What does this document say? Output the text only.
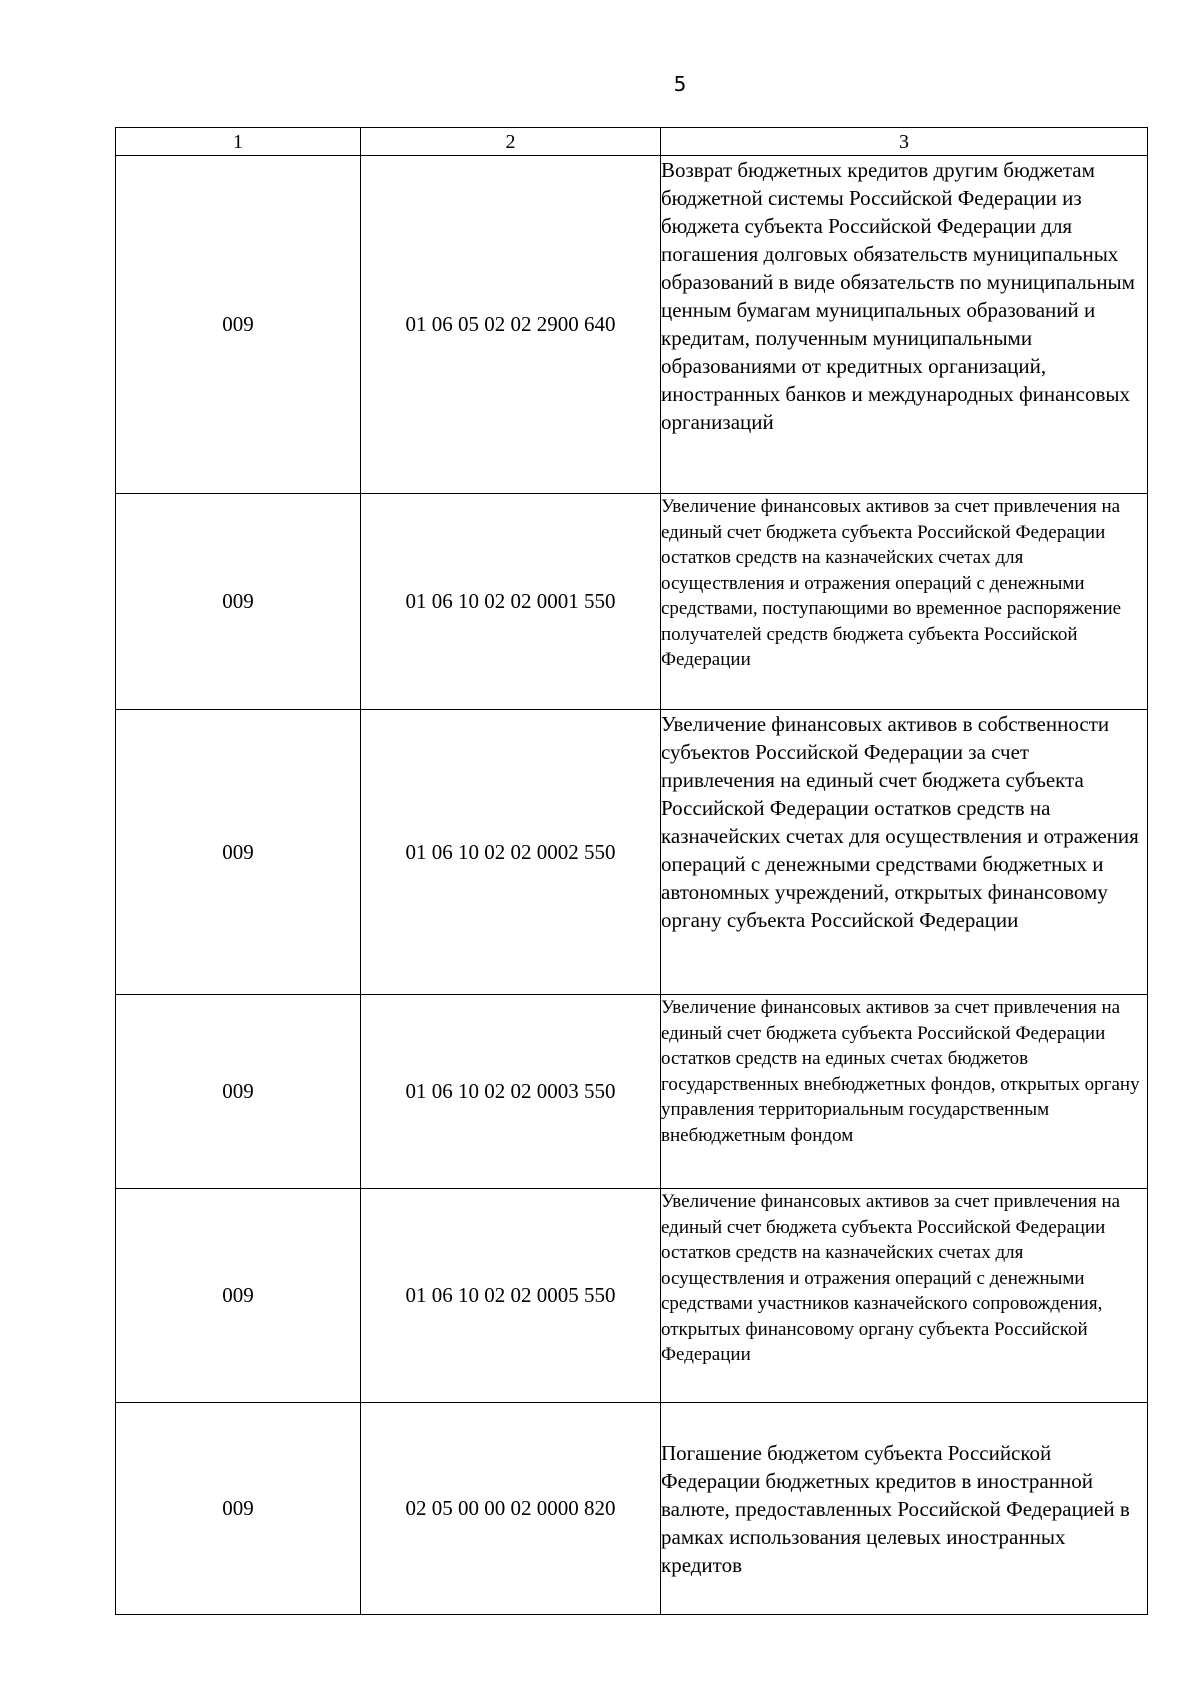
5
1	2	3
009	01 06 05 02 02 2900 640	Возврат бюджетных кредитов другим бюджетам бюджетной системы Российской Федерации из бюджета субъекта Российской Федерации для погашения долговых обязательств муниципальных образований в виде обязательств по муниципальным ценным бумагам муниципальных образований и кредитам, полученным муниципальными образованиями от кредитных организаций, иностранных банков и международных финансовых организаций
009	01 06 10 02 02 0001 550	Увеличение финансовых активов за счет привлечения на единый счет бюджета субъекта Российской Федерации остатков средств на казначейских счетах для осуществления и отражения операций с денежными средствами, поступающими во временное распоряжение получателей средств бюджета субъекта Российской Федерации
009	01 06 10 02 02 0002 550	Увеличение финансовых активов в собственности субъектов Российской Федерации за счет привлечения на единый счет бюджета субъекта Российской Федерации остатков средств на казначейских счетах для осуществления и отражения операций с денежными средствами бюджетных и автономных учреждений, открытых финансовому органу субъекта Российской Федерации
009	01 06 10 02 02 0003 550	Увеличение финансовых активов за счет привлечения на единый счет бюджета субъекта Российской Федерации остатков средств на единых счетах бюджетов государственных внебюджетных фондов, открытых органу управления территориальным государственным внебюджетным фондом
009	01 06 10 02 02 0005 550	Увеличение финансовых активов за счет привлечения на единый счет бюджета субъекта Российской Федерации остатков средств на казначейских счетах для осуществления и отражения операций с денежными средствами участников казначейского сопровождения, открытых финансовому органу субъекта Российской Федерации
009	02 05 00 00 02 0000 820	Погашение бюджетом субъекта Российской Федерации бюджетных кредитов в иностранной валюте, предоставленных Российской Федерацией в рамках использования целевых иностранных кредитов
